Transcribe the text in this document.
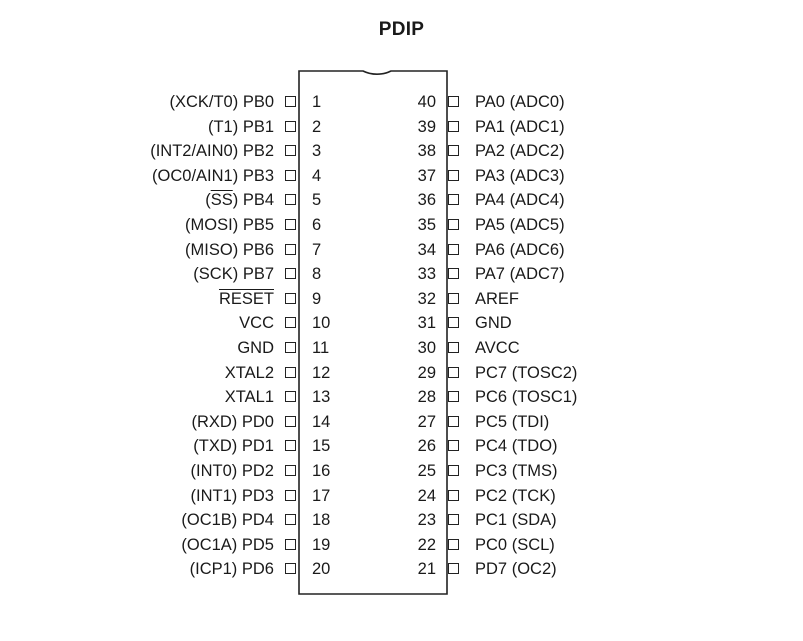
PDIP
(XCK/T0) PB0 1
(T1) PB1 2
(INT2/AIN0) PB2 3
(OC0/AIN1) PB3 4
$(\overline{SS})$ PB4 5
(MOSI) PB5 6
(MISO) PB6 7
(SCK) PB7 8
RESET 9
VCC 10
GND 11
XTAL2 12
XTAL1 13
(RXD) PD0 14
(TXD) PD1 15
(INT0) PD2 16
(INT1) PD3 17
(OC1B) PD4 18
(OC1A) PD5 19
(ICP1) PD6 20
40 PA0 (ADC0)
39 PA1 (ADC1)
38 PA2 (ADC2)
37 PA3 (ADC3)
36 PA4 (ADC4)
35 PA5 (ADC5)
34 PA6 (ADC6)
33 PA7 (ADC7)
32 AREF
31 GND
30 AVCC
29 PC7 (TOSC2)
28 PC6 (TOSC1)
27 PC5 (TDI)
26 PC4 (TDO)
25 PC3 (TMS)
24 PC2 (TCK)
23 PC1 (SDA)
22 PC0 (SCL)
21 PD7 (OC2)
